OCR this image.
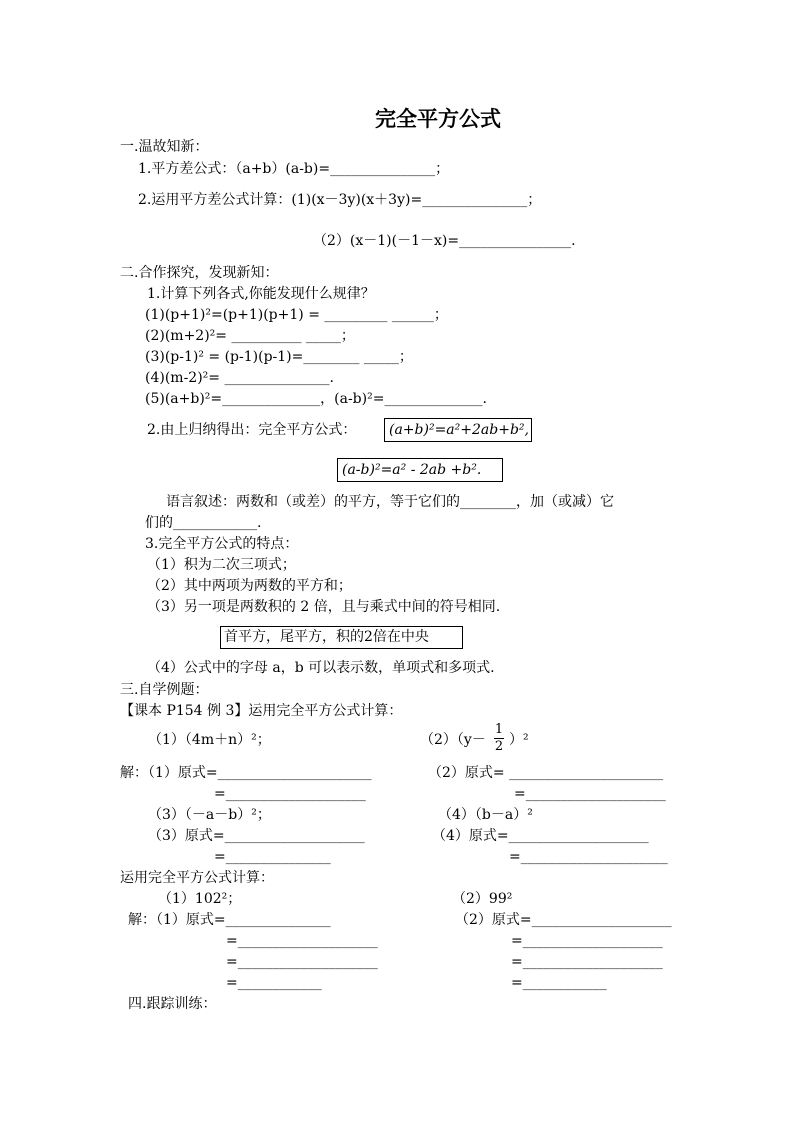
完全平方公式
一.温故知新：
1.平方差公式：（a+b）(a-b)=_______________；
2.运用平方差公式计算：(1)(x－3y)(x＋3y)=_______________；
（2）(x－1)(－1－x)=________________.
二.合作探究，发现新知：
1.计算下列各式,你能发现什么规律？
(1)(p+1)²=(p+1)(p+1) = _________ ______；
(2)(m+2)²= __________ _____；
(3)(p-1)² = (p-1)(p-1)=________ _____；
(4)(m-2)²= _______________.
(5)(a+b)²=______________，(a-b)²=______________.
2.由上归纳得出：完全平方公式： (a+b)²=a²+2ab+b²,
(a-b)²=a² - 2ab +b².
语言叙述：两数和（或差）的平方，等于它们的________，加（或减）它
们的____________.
3.完全平方公式的特点：
（1）积为二次三项式；
（2）其中两项为两数的平方和；
（3）另一项是两数积的 2 倍，且与乘式中间的符号相同.
首平方，尾平方，积的2倍在中央
（4）公式中的字母 a，b 可以表示数，单项式和多项式.
三.自学例题：
【课本 P154 例 3】运用完全平方公式计算：
（1）（4m＋n）²；	（2）（y－
1
2 ）²
解：（1）原式=______________________	（2）原式= ______________________
=____________________	=____________________
（3）（－a－b）²；	（4）（b－a）²
（3）原式=____________________	（4）原式=____________________
=_______________	=_____________________
运用完全平方公式计算：
（1）102²；	（2）99²
解：（1）原式=_______________	（2）原式=____________________
=____________________	=____________________
=____________________	=____________________
=____________	=____________
四.跟踪训练：
